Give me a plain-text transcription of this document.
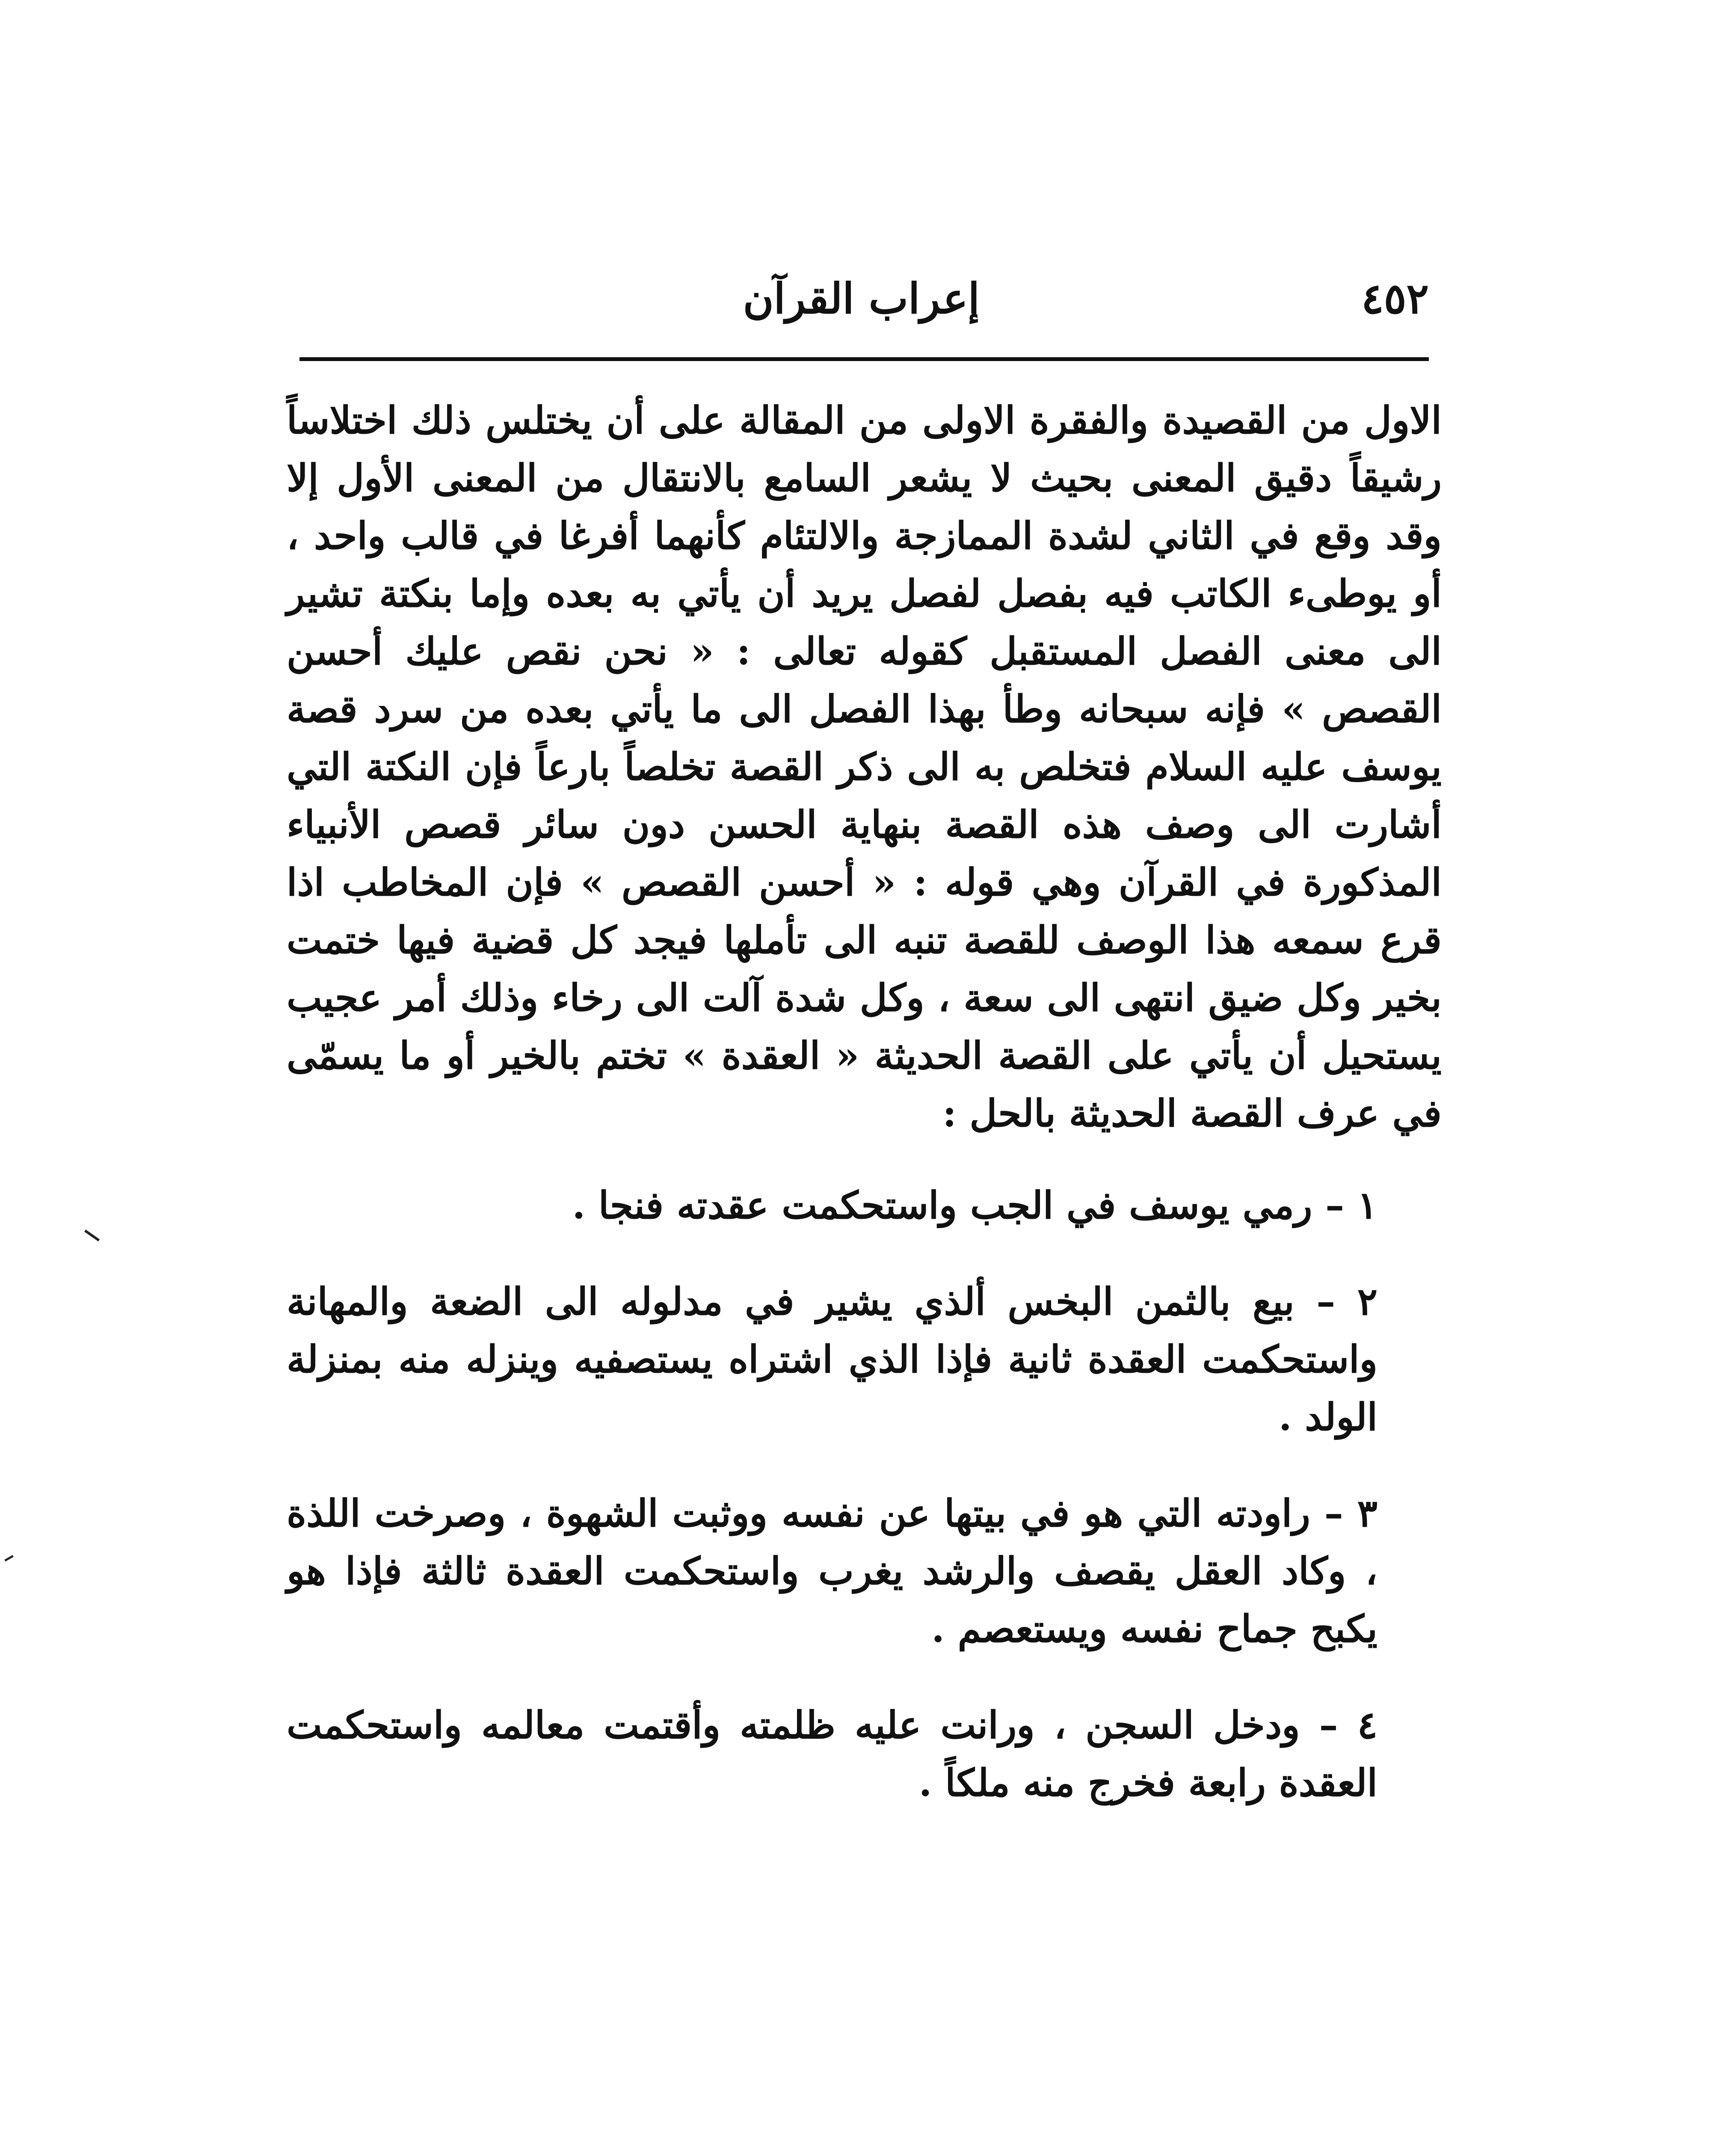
٤٥٢
إعراب القرآن

الاول من القصيدة والفقرة الاولى من المقالة على أن يختلس ذلك اختلاساً رشيقاً دقيق المعنى بحيث لا يشعر السامع بالانتقال من المعنى الأول إلا وقد وقع في الثاني لشدة الممازجة والالتئام كأنهما أفرغا في قالب واحد ، أو يوطىء الكاتب فيه بفصل لفصل يريد أن يأتي به بعده وإما بنكتة تشير الى معنى الفصل المستقبل كقوله تعالى : « نحن نقص عليك أحسن القصص » فإنه سبحانه وطأ بهذا الفصل الى ما يأتي بعده من سرد قصة يوسف عليه السلام فتخلص به الى ذكر القصة تخلصاً بارعاً فإن النكتة التي أشارت الى وصف هذه القصة بنهاية الحسن دون سائر قصص الأنبياء المذكورة في القرآن وهي قوله : « أحسن القصص » فإن المخاطب اذا قرع سمعه هذا الوصف للقصة تنبه الى تأملها فيجد كل قضية فيها ختمت بخير وكل ضيق انتهى الى سعة ، وكل شدة آلت الى رخاء وذلك أمر عجيب يستحيل أن يأتي على القصة الحديثة « العقدة » تختم بالخير أو ما يسمّى في عرف القصة الحديثة بالحل :

١ – رمي يوسف في الجب واستحكمت عقدته فنجا .

٢ – بيع بالثمن البخس ألذي يشير في مدلوله الى الضعة والمهانة واستحكمت العقدة ثانية فإذا الذي اشتراه يستصفيه وينزله منه بمنزلة الولد .

٣ – راودته التي هو في بيتها عن نفسه ووثبت الشهوة ، وصرخت اللذة ، وكاد العقل يقصف والرشد يغرب واستحكمت العقدة ثالثة فإذا هو يكبح جماح نفسه ويستعصم .

٤ – ودخل السجن ، ورانت عليه ظلمته وأقتمت معالمه واستحكمت العقدة رابعة فخرج منه ملكاً .
